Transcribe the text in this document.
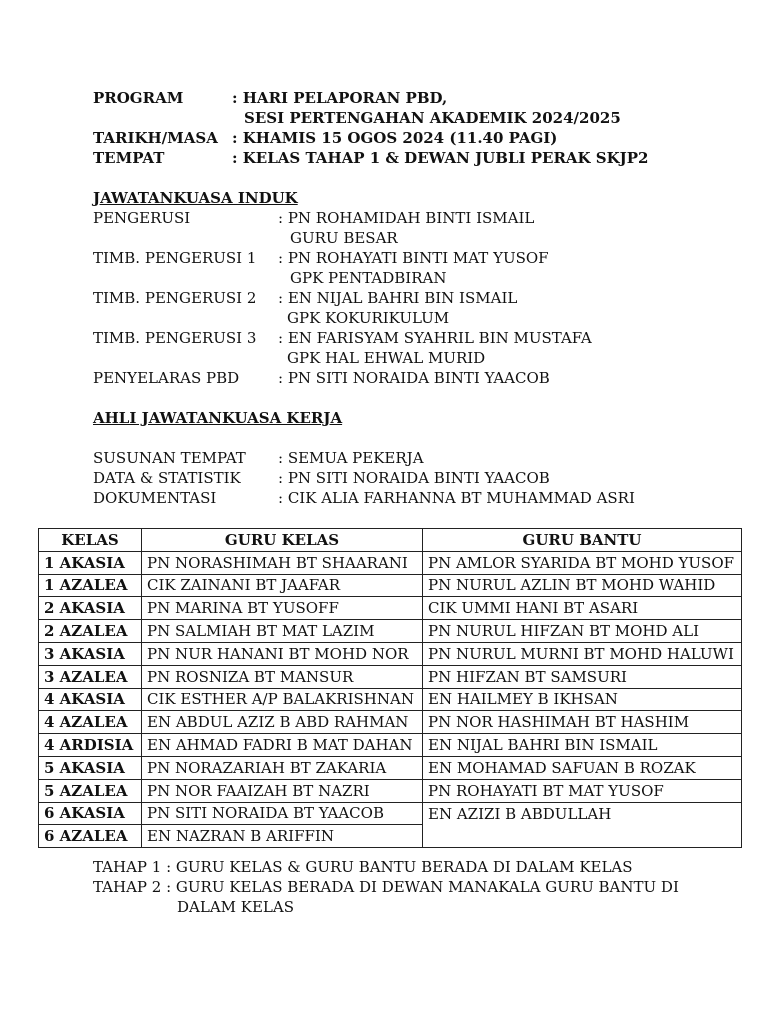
PROGRAM	: HARI PELAPORAN PBD,
SESI PERTENGAHAN AKADEMIK 2024/2025
TARIKH/MASA : KHAMIS 15 OGOS 2024 (11.40 PAGI)
TEMPAT	: KELAS TAHAP 1 & DEWAN JUBLI PERAK SKJP2
JAWATANKUASA INDUK
PENGERUSI	: PN ROHAMIDAH BINTI ISMAIL
GURU BESAR
TIMB. PENGERUSI 1 : PN ROHAYATI BINTI MAT YUSOF
GPK PENTADBIRAN
TIMB. PENGERUSI 2 : EN NIJAL BAHRI BIN ISMAIL
GPK KOKURIKULUM
TIMB. PENGERUSI 3 : EN FARISYAM SYAHRIL BIN MUSTAFA
GPK HAL EHWAL MURID
PENYELARAS PBD	: PN SITI NORAIDA BINTI YAACOB
AHLI JAWATANKUASA KERJA
SUSUNAN TEMPAT : SEMUA PEKERJA
DATA & STATISTIK : PN SITI NORAIDA BINTI YAACOB
DOKUMENTASI	: CIK ALIA FARHANNA BT MUHAMMAD ASRI
KELAS	GURU KELAS	GURU BANTU
1 AKASIA	PN NORASHIMAH BT SHAARANI	PN AMLOR SYARIDA BT MOHD YUSOF
1 AZALEA	CIK ZAINANI BT JAAFAR	PN NURUL AZLIN BT MOHD WAHID
2 AKASIA	PN MARINA BT YUSOFF	CIK UMMI HANI BT ASARI
2 AZALEA	PN SALMIAH BT MAT LAZIM	PN NURUL HIFZAN BT MOHD ALI
3 AKASIA	PN NUR HANANI BT MOHD NOR	PN NURUL MURNI BT MOHD HALUWI
3 AZALEA	PN ROSNIZA BT MANSUR	PN HIFZAN BT SAMSURI
4 AKASIA	CIK ESTHER A/P BALAKRISHNAN	EN HAILMEY B IKHSAN
4 AZALEA	EN ABDUL AZIZ B ABD RAHMAN	PN NOR HASHIMAH BT HASHIM
4 ARDISIA	EN AHMAD FADRI B MAT DAHAN	EN NIJAL BAHRI BIN ISMAIL
5 AKASIA	PN NORAZARIAH BT ZAKARIA	EN MOHAMAD SAFUAN B ROZAK
5 AZALEA	PN NOR FAAIZAH BT NAZRI	PN ROHAYATI BT MAT YUSOF
6 AKASIA	PN SITI NORAIDA BT YAACOB	EN AZIZI B ABDULLAH
6 AZALEA	EN NAZRAN B ARIFFIN	
TAHAP 1 : GURU KELAS & GURU BANTU BERADA DI DALAM KELAS
TAHAP 2 : GURU KELAS BERADA DI DEWAN MANAKALA GURU BANTU DI
DALAM KELAS
